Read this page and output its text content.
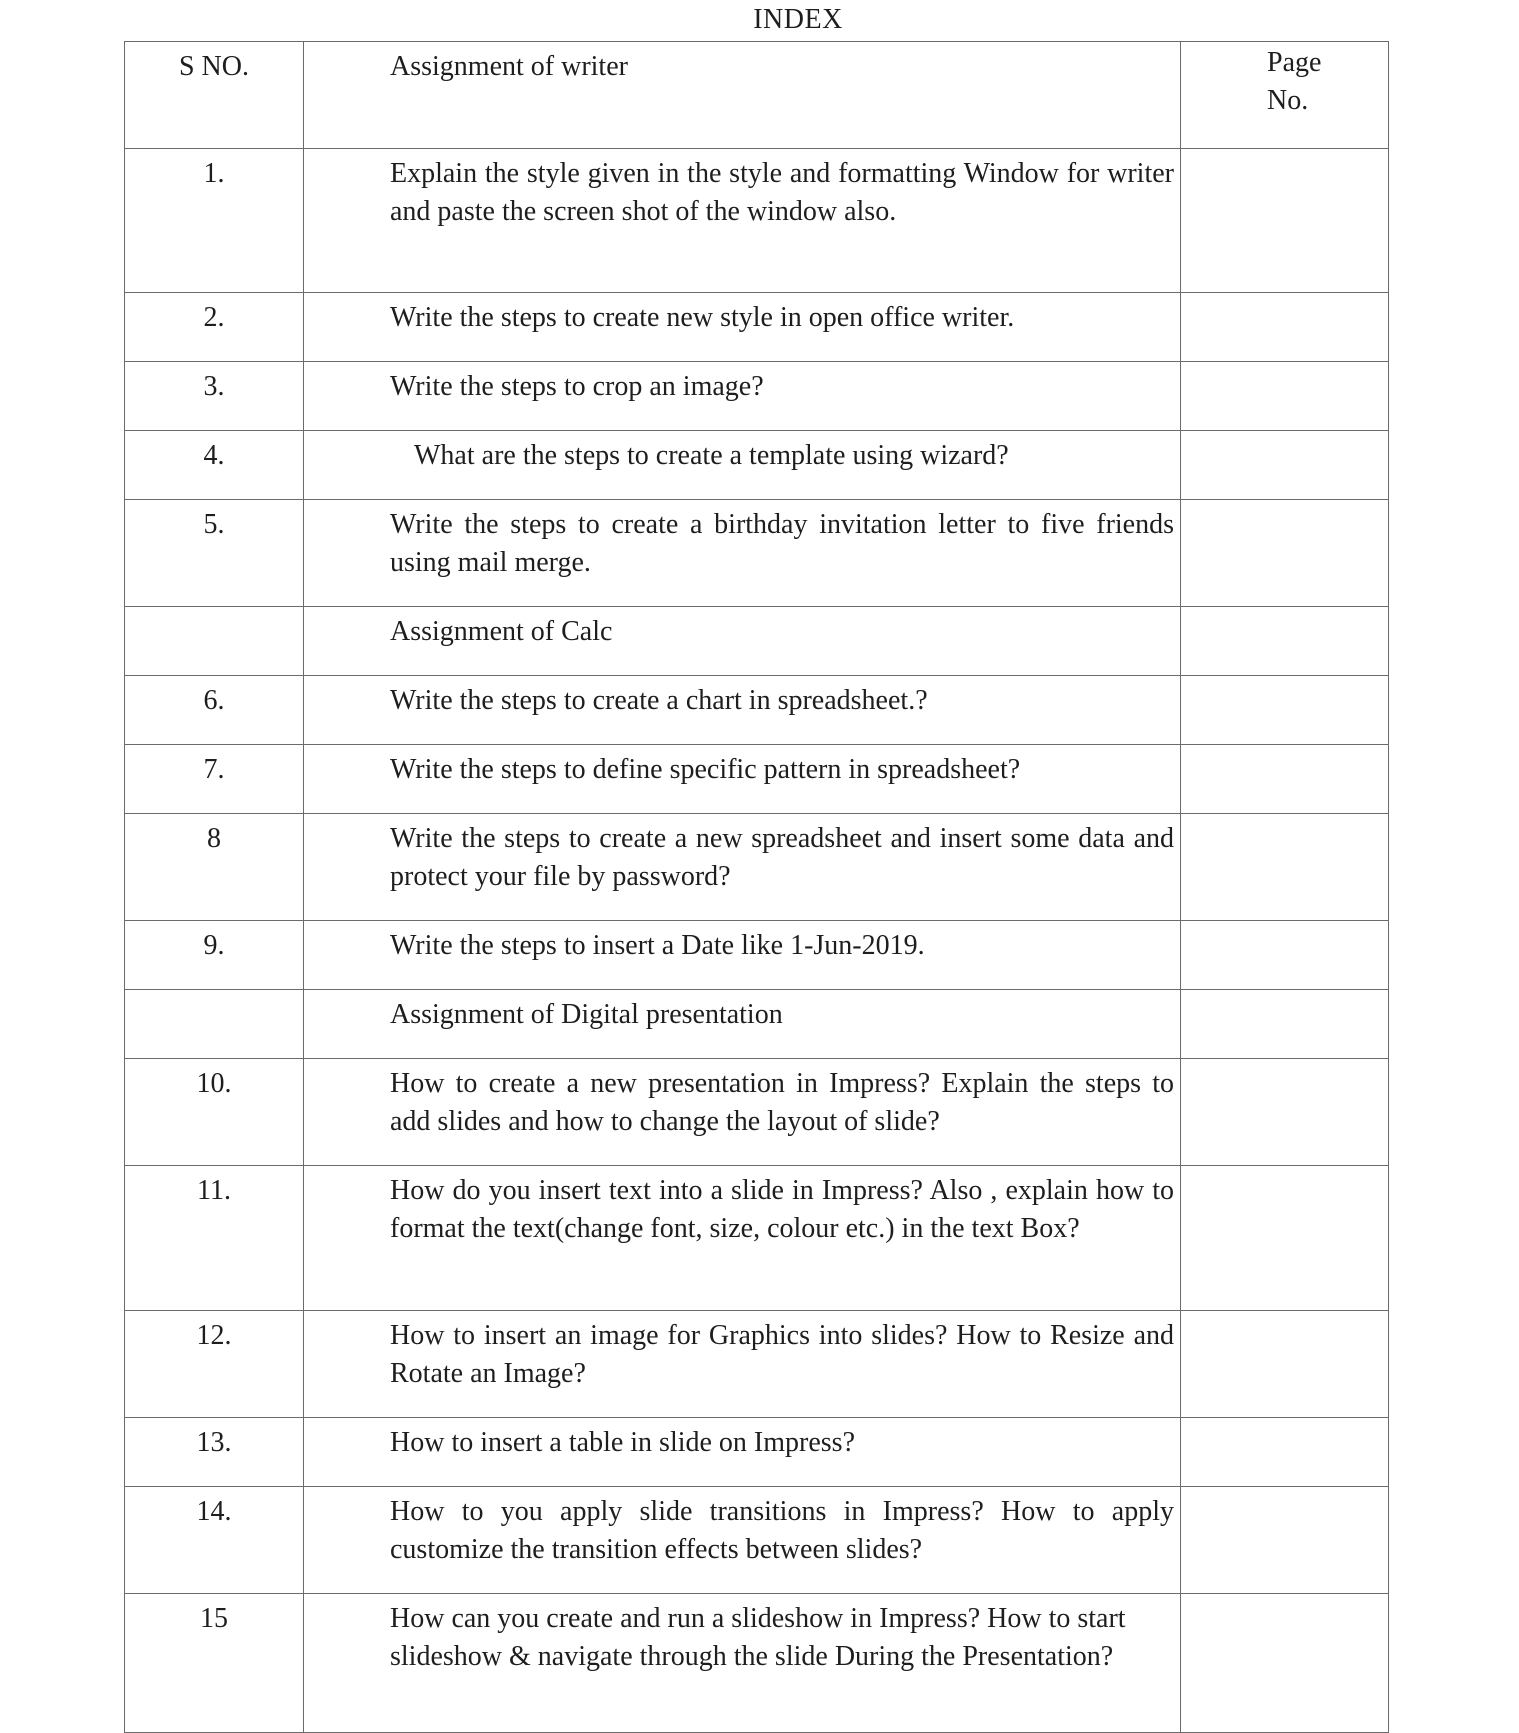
INDEX
S NO.	Assignment of writer	Page No.

1.	Explain the style given in the style and formatting Window for writer and paste the screen shot of the window also.	
2.	Write the steps to create new style in open office writer.	
3.	Write the steps to crop an image?	
4.	What are the steps to create a template using wizard?	
5.	Write the steps to create a birthday invitation letter to five friends using mail merge.	
	Assignment of Calc	
6.	Write the steps to create a chart in spreadsheet.?	
7.	Write the steps to define specific pattern in spreadsheet?	
8	Write the steps to create a new spreadsheet and insert some data and protect your file by password?	
9.	Write the steps to insert a Date like 1-Jun-2019.	
	Assignment of Digital presentation	
10.	How to create a new presentation in Impress? Explain the steps to add slides and how to change the layout of slide?	
11.	How do you insert text into a slide in Impress? Also , explain how to format the text(change font, size, colour etc.) in the text Box?	
12.	How to insert an image for Graphics into slides? How to Resize and Rotate an Image?	
13.	How to insert a table in slide on Impress?	
14.	How to you apply slide transitions in Impress? How to apply customize the transition effects between slides?	
15	How can you create and run a slideshow in Impress? How to start slideshow & navigate through the slide During the Presentation?	
